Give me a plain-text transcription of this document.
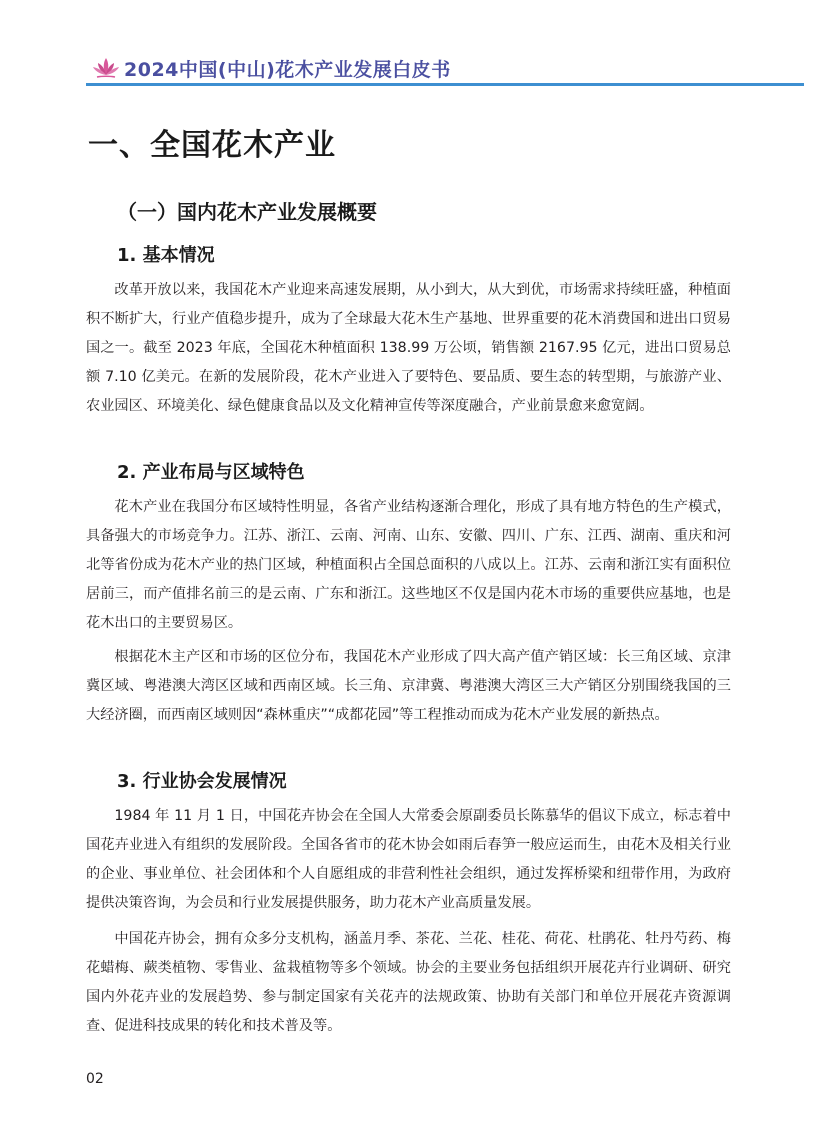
2024中国(中山)花木产业发展白皮书
一、全国花木产业
（一）国内花木产业发展概要
1. 基本情况

改革开放以来，我国花木产业迎来高速发展期，从小到大，从大到优，市场需求持续旺盛，种植面积不断扩大，行业产值稳步提升，成为了全球最大花木生产基地、世界重要的花木消费国和进出口贸易国之一。截至 2023 年底，全国花木种植面积 138.99 万公顷，销售额 2167.95 亿元，进出口贸易总额 7.10 亿美元。在新的发展阶段，花木产业进入了要特色、要品质、要生态的转型期，与旅游产业、农业园区、环境美化、绿色健康食品以及文化精神宣传等深度融合，产业前景愈来愈宽阔。

2. 产业布局与区域特色

花木产业在我国分布区域特性明显，各省产业结构逐渐合理化，形成了具有地方特色的生产模式，具备强大的市场竞争力。江苏、浙江、云南、河南、山东、安徽、四川、广东、江西、湖南、重庆和河北等省份成为花木产业的热门区域，种植面积占全国总面积的八成以上。江苏、云南和浙江实有面积位居前三，而产值排名前三的是云南、广东和浙江。这些地区不仅是国内花木市场的重要供应基地，也是花木出口的主要贸易区。

根据花木主产区和市场的区位分布，我国花木产业形成了四大高产值产销区域：长三角区域、京津冀区域、粤港澳大湾区区域和西南区域。长三角、京津冀、粤港澳大湾区三大产销区分别围绕我国的三大经济圈，而西南区域则因“森林重庆”“成都花园”等工程推动而成为花木产业发展的新热点。

3. 行业协会发展情况

1984 年 11 月 1 日，中国花卉协会在全国人大常委会原副委员长陈慕华的倡议下成立，标志着中国花卉业进入有组织的发展阶段。全国各省市的花木协会如雨后春笋一般应运而生，由花木及相关行业的企业、事业单位、社会团体和个人自愿组成的非营利性社会组织，通过发挥桥梁和纽带作用，为政府提供决策咨询，为会员和行业发展提供服务，助力花木产业高质量发展。

中国花卉协会，拥有众多分支机构，涵盖月季、茶花、兰花、桂花、荷花、杜鹃花、牡丹芍药、梅花蜡梅、蕨类植物、零售业、盆栽植物等多个领域。协会的主要业务包括组织开展花卉行业调研、研究国内外花卉业的发展趋势、参与制定国家有关花卉的法规政策、协助有关部门和单位开展花卉资源调查、促进科技成果的转化和技术普及等。

02
